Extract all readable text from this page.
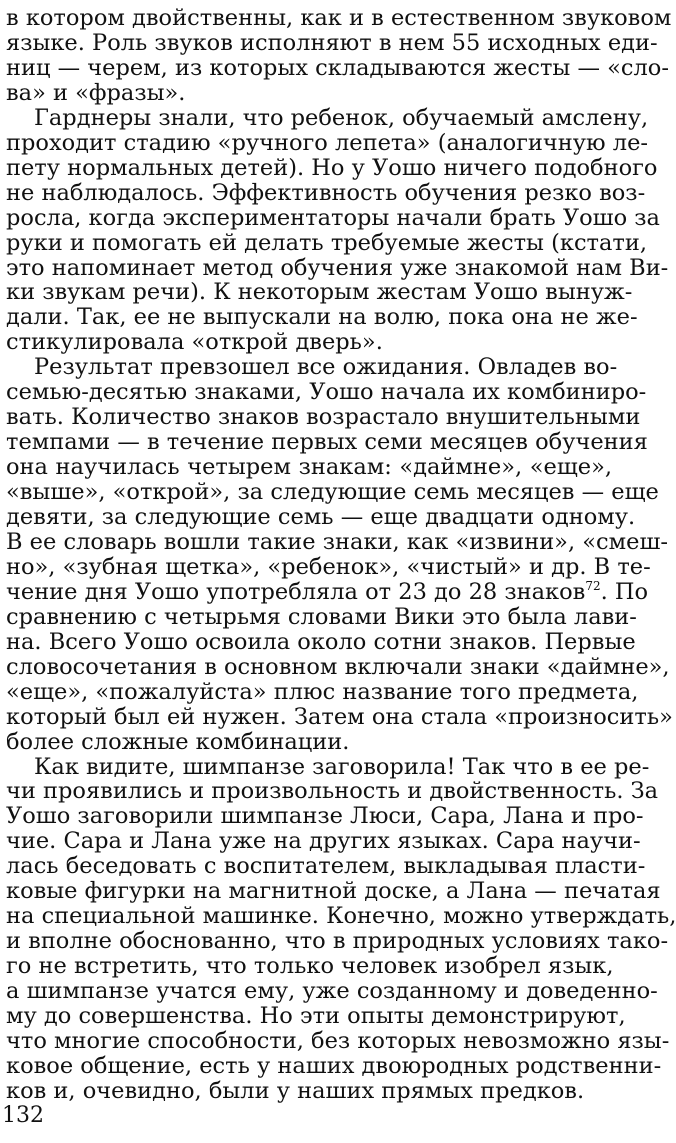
в котором двойственны, как и в естественном звуковом
языке. Роль звуков исполняют в нем 55 исходных еди-
ниц — черем, из которых складываются жесты — «сло-
ва» и «фразы».
Гарднеры знали, что ребенок, обучаемый амслену,
проходит стадию «ручного лепета» (аналогичную ле-
пету нормальных детей). Но у Уошо ничего подобного
не наблюдалось. Эффективность обучения резко воз-
росла, когда экспериментаторы начали брать Уошо за
руки и помогать ей делать требуемые жесты (кстати,
это напоминает метод обучения уже знакомой нам Ви-
ки звукам речи). К некоторым жестам Уошо вынуж-
дали. Так, ее не выпускали на волю, пока она не же-
стикулировала «открой дверь».
Результат превзошел все ожидания. Овладев во-
семью-десятью знаками, Уошо начала их комбиниро-
вать. Количество знаков возрастало внушительными
темпами — в течение первых семи месяцев обучения
она научилась четырем знакам: «даймне», «еще»,
«выше», «открой», за следующие семь месяцев — еще
девяти, за следующие семь — еще двадцати одному.
В ее словарь вошли такие знаки, как «извини», «смеш-
но», «зубная щетка», «ребенок», «чистый» и др. В те-
чение дня Уошо употребляла от 23 до 28 знаков$^{72}$. По
сравнению с четырьмя словами Вики это была лави-
на. Всего Уошо освоила около сотни знаков. Первые
словосочетания в основном включали знаки «даймне»,
«еще», «пожалуйста» плюс название того предмета,
который был ей нужен. Затем она стала «произносить»
более сложные комбинации.
Как видите, шимпанзе заговорила! Так что в ее ре-
чи проявились и произвольность и двойственность. За
Уошо заговорили шимпанзе Люси, Сара, Лана и про-
чие. Сара и Лана уже на других языках. Сара научи-
лась беседовать с воспитателем, выкладывая пласти-
ковые фигурки на магнитной доске, а Лана — печатая
на специальной машинке. Конечно, можно утверждать,
и вполне обоснованно, что в природных условиях тако-
го не встретить, что только человек изобрел язык,
а шимпанзе учатся ему, уже созданному и доведенно-
му до совершенства. Но эти опыты демонстрируют,
что многие способности, без которых невозможно язы-
ковое общение, есть у наших двоюродных родственни-
ков и, очевидно, были у наших прямых предков.
132
